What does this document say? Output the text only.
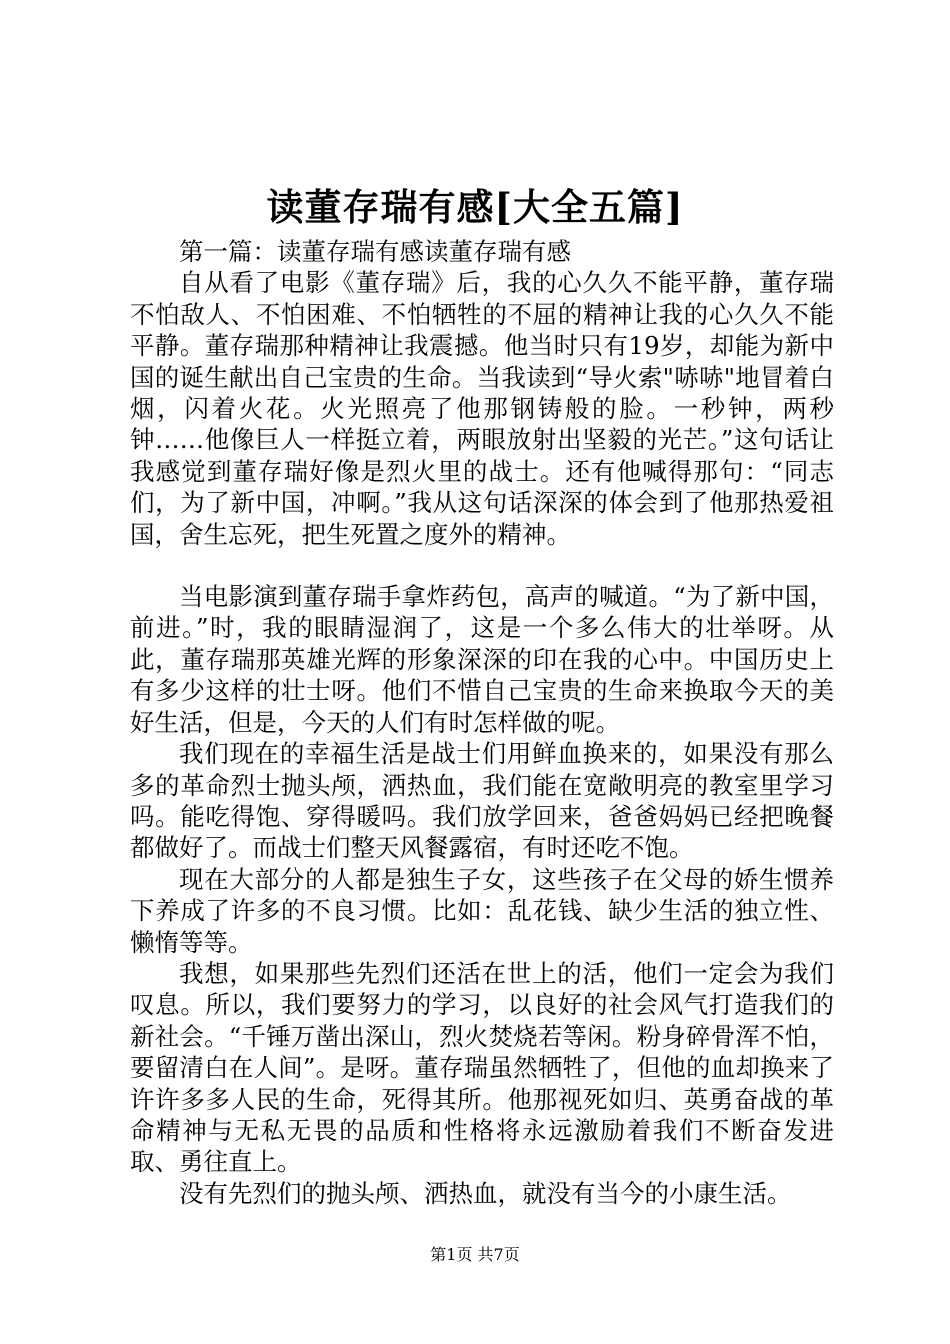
读董存瑞有感[大全五篇]

第一篇：读董存瑞有感读董存瑞有感

自从看了电影《董存瑞》后，我的心久久不能平静，董存瑞不怕敌人、不怕困难、不怕牺牲的不屈的精神让我的心久久不能平静。董存瑞那种精神让我震撼。他当时只有19岁，却能为新中国的诞生献出自己宝贵的生命。当我读到“导火索"哧哧"地冒着白烟，闪着火花。火光照亮了他那钢铸般的脸。一秒钟，两秒钟……他像巨人一样挺立着，两眼放射出坚毅的光芒。”这句话让我感觉到董存瑞好像是烈火里的战士。还有他喊得那句：“同志们，为了新中国，冲啊。”我从这句话深深的体会到了他那热爱祖国，舍生忘死，把生死置之度外的精神。

当电影演到董存瑞手拿炸药包，高声的喊道。“为了新中国，前进。”时，我的眼睛湿润了，这是一个多么伟大的壮举呀。从此，董存瑞那英雄光辉的形象深深的印在我的心中。中国历史上有多少这样的壮士呀。他们不惜自己宝贵的生命来换取今天的美好生活，但是，今天的人们有时怎样做的呢。

我们现在的幸福生活是战士们用鲜血换来的，如果没有那么多的革命烈士抛头颅，洒热血，我们能在宽敞明亮的教室里学习吗。能吃得饱、穿得暖吗。我们放学回来，爸爸妈妈已经把晚餐都做好了。而战士们整天风餐露宿，有时还吃不饱。

现在大部分的人都是独生子女，这些孩子在父母的娇生惯养下养成了许多的不良习惯。比如：乱花钱、缺少生活的独立性、懒惰等等。

我想，如果那些先烈们还活在世上的活，他们一定会为我们叹息。所以，我们要努力的学习，以良好的社会风气打造我们的新社会。“千锤万凿出深山，烈火焚烧若等闲。粉身碎骨浑不怕，要留清白在人间”。是呀。董存瑞虽然牺牲了，但他的血却换来了许许多多人民的生命，死得其所。他那视死如归、英勇奋战的革命精神与无私无畏的品质和性格将永远激励着我们不断奋发进取、勇往直上。

没有先烈们的抛头颅、洒热血，就没有当今的小康生活。

第1页 共7页
